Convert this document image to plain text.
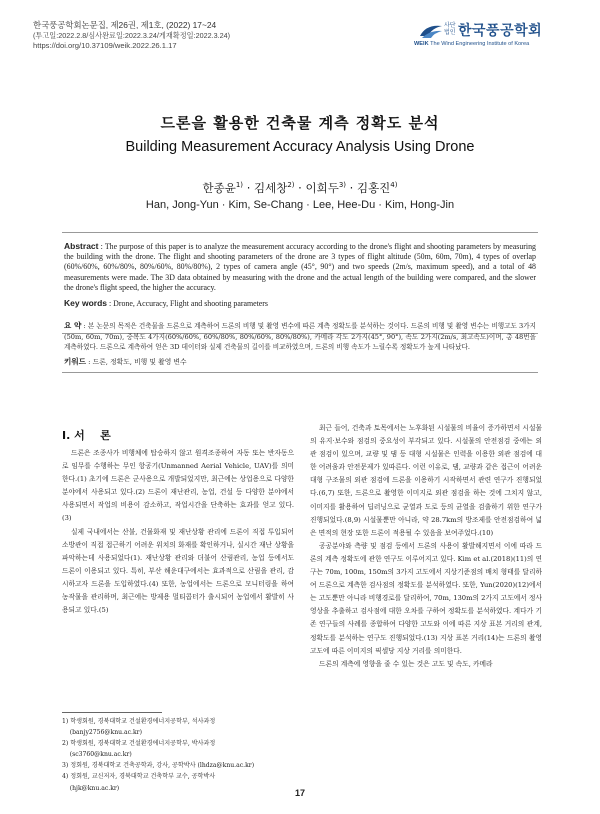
한국풍공학회논문집, 제26권, 제1호, (2022) 17~24
(투고일:2022.2.8/심사완료일:2022.3.24/게재확정일:2022.3.24)
https://doi.org/10.37109/weik.2022.26.1.17
사단
법인 한국풍공학회
WEIK The Wind Engineering Institute of Korea
드론을 활용한 건축물 계측 정확도 분석
Building Measurement Accuracy Analysis Using Drone
한종윤$^{1)}$ · 김세창$^{2)}$ · 이희두$^{3)}$ · 김홍진$^{4)}$
Han, Jong-Yun · Kim, Se-Chang · Lee, Hee-Du · Kim, Hong-Jin
Abstract : The purpose of this paper is to analyze the measurement accuracy according to the drone's flight and shooting parameters by measuring the building with the drone. The flight and shooting parameters of the drone are 3 types of flight altitude (50m, 60m, 70m), 4 types of overlap (60%/60%, 60%/80%, 80%/60%, 80%/80%), 2 types of camera angle (45°, 90°) and two speeds (2m/s, maximum speed), and a total of 48 measurements were made. The 3D data obtained by measuring with the drone and the actual length of the building were compared, and the slower the drone's flight speed, the higher the accuracy.
Key words : Drone, Accuracy, Flight and shooting parameters
요 약 : 본 논문의 목적은 건축물을 드론으로 계측하여 드론의 비행 및 촬영 변수에 따른 계측 정확도를 분석하는 것이다. 드론의 비행 및 촬영 변수는 비행고도 3가지(50m, 60m, 70m), 중복도 4가지(60%/60%, 60%/80%, 80%/60%, 80%/80%), 카메라 각도 2가지(45°, 90°), 속도 2가지(2m/s, 최고속도)이며, 총 48번을 계측하였다. 드론으로 계측하여 얻은 3D 데이터와 실제 건축물의 길이를 비교하였으며, 드론의 비행 속도가 느릴수록 정확도가 높게 나타났다.
키워드 : 드론, 정확도, 비행 및 촬영 변수
I. 서    론

드론은 조종사가 비행체에 탑승하지 않고 원격조종하여 자동 또는 반자동으로 임무를 수행하는 무인 항공기(Unmanned Aerial Vehicle, UAV)를 의미한다.(1) 초기에 드론은 군사용으로 개발되었지만, 최근에는 상업용으로 다양한 분야에서 사용되고 있다.(2) 드론이 재난관리, 농업, 건설 등 다양한 분야에서 사용되면서 작업의 비용이 감소하고, 작업시간을 단축하는 효과를 얻고 있다.(3)

실제 국내에서는 산불, 건물화재 및 재난상황 관리에 드론이 직접 투입되어 소방관이 직접 접근하기 어려운 위치의 화재를 확인하거나, 실시간 재난 상황을 파악하는데 사용되었다(1). 재난상황 관리와 더불어 산림관리, 농업 등에서도 드론이 이용되고 있다. 특히, 부산 해운대구에서는 효과적으로 산림을 관리, 감시하고자 드론을 도입하였다.(4) 또한, 농업에서는 드론으로 모니터링을 하여 농작물을 관리하며, 최근에는 방제용 멀티콥터가 출시되어 농업에서 활발히 사용되고 있다.(5)

최근 들어, 건축과 토목에서는 노후화된 시설물의 비율이 증가하면서 시설물의 유지·보수와 점검의 중요성이 부각되고 있다. 시설물의 안전점검 중에는 외관 점검이 있으며, 교량 및 댐 등 대형 시설물은 인력을 이용한 외관 점검에 대한 어려움과 안전문제가 있따른다. 이런 이유로, 댐, 교량과 같은 접근이 어려운 대형 구조물의 외관 점검에 드론을 이용하기 시작하면서 관련 연구가 진행되었다.(6,7) 또한, 드론으로 촬영한 이미지로 외관 점검을 하는 것에 그치지 않고, 이미지를 활용하여 딥러닝으로 균열과 도로 등의 균열을 검출하기 위한 연구가 진행되었다.(8,9) 시설물뿐만 아니라, 약 28.7km의 방조제를 안전점검하여 넓은 면적의 현장 또한 드론이 적용될 수 있음을 보여주었다.(10)

공공분야와 측량 및 점검 등에서 드론의 사용이 활발해지면서 이에 따라 드론의 계측 정확도에 관한 연구도 이루어지고 있다. Kim et al.(2018)(11)의 연구는 70m, 100m, 150m의 3가지 고도에서 지상기준점의 배치 형태를 달리하여 드론으로 계측한 검사점의 정확도를 분석하였다. 또한, Yun(2020)(12)에서는 고도뿐만 아니라 비행경로를 달리하여, 70m, 130m의 2가지 고도에서 정사영상을 추출하고 검사점에 대한 오차를 구하여 정확도를 분석하였다. 계다가 기존 연구들의 사례를 종합하여 다양한 고도와 이에 따른 지상 표본 거리의 관계, 정확도를 분석하는 연구도 진행되었다.(13) 지상 표본 거리(14)는 드론의 촬영고도에 따른 이미지의 픽셀당 지상 거리를 의미한다.

드론의 계측에 영향을 줄 수 있는 것은 고도 및 속도, 카메라

1) 학생회원, 경북대학교 건설환경에너지공학부, 석사과정
(banjy2756@knu.ac.kr)
2) 학생회원, 경북대학교 건설환경에너지공학부, 박사과정
(sc3760@knu.ac.kr)
3) 정회원, 경북대학교 건축공학과, 강사, 공학박사 (lhdza@knu.ac.kr)
4) 정회원, 교신저자, 경북대학교 건축학부 교수, 공학박사
(hjk@knu.ac.kr)	17
